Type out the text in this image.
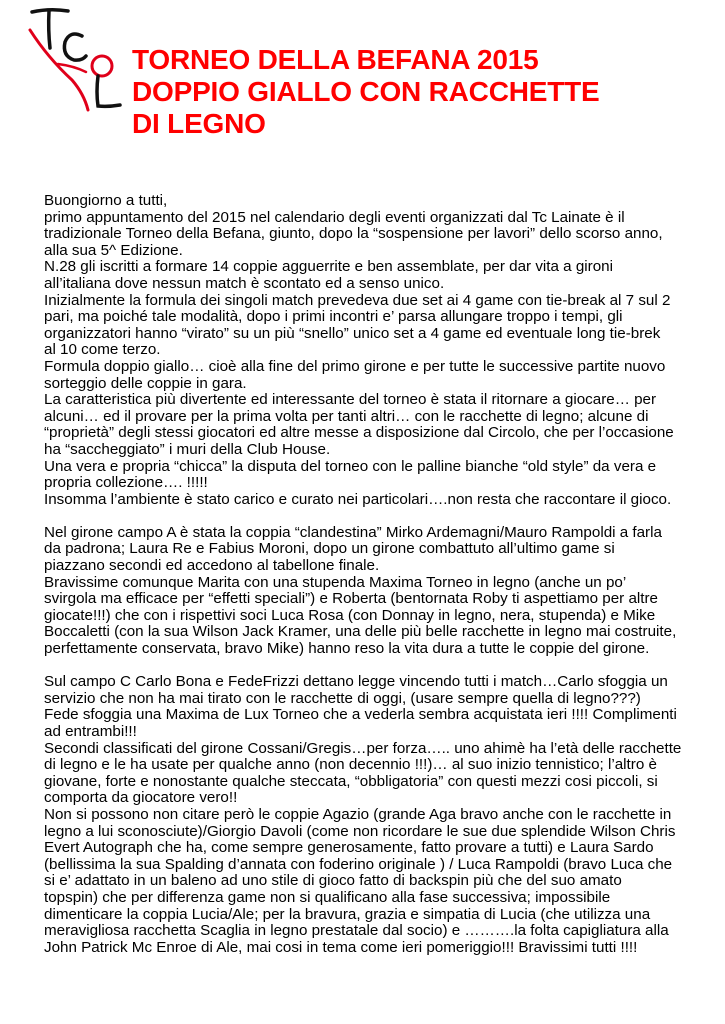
TORNEO DELLA BEFANA 2015
DOPPIO GIALLO CON RACCHETTE
DI LEGNO
Buongiorno a tutti,
primo appuntamento del 2015 nel calendario degli eventi organizzati dal Tc Lainate è il
tradizionale Torneo della Befana, giunto, dopo la “sospensione per lavori” dello scorso anno,
alla sua 5^ Edizione.
N.28 gli iscritti a formare 14 coppie agguerrite e ben assemblate, per dar vita a gironi
all’italiana dove nessun match è scontato ed a senso unico.
Inizialmente la formula dei singoli match prevedeva due set ai 4 game con tie-break al 7 sul 2
pari, ma poiché tale modalità, dopo i primi incontri e’ parsa allungare troppo i tempi, gli
organizzatori hanno “virato” su un più “snello” unico set a 4 game ed eventuale long tie-brek
al 10 come terzo.
Formula doppio giallo… cioè alla fine del primo girone e per tutte le successive partite nuovo
sorteggio delle coppie in gara.
La caratteristica più divertente ed interessante del torneo è stata il ritornare a giocare… per
alcuni… ed il provare per la prima volta per tanti altri… con le racchette di legno; alcune di
“proprietà” degli stessi giocatori ed altre messe a disposizione dal Circolo, che per l’occasione
ha “saccheggiato” i muri della Club House.
Una vera e propria “chicca” la disputa del torneo con le palline bianche “old style” da vera e
propria collezione…. !!!!!
Insomma l’ambiente è stato carico e curato nei particolari….non resta che raccontare il gioco.
Nel girone campo A è stata la coppia “clandestina” Mirko Ardemagni/Mauro Rampoldi a farla
da padrona; Laura Re e Fabius Moroni, dopo un girone combattuto all’ultimo game si
piazzano secondi ed accedono al tabellone finale.
Bravissime comunque Marita con una stupenda Maxima Torneo in legno (anche un po’
svirgola ma efficace per “effetti speciali”) e Roberta (bentornata Roby ti aspettiamo per altre
giocate!!!) che con i rispettivi soci Luca Rosa (con Donnay in legno, nera, stupenda) e Mike
Boccaletti (con la sua Wilson Jack Kramer, una delle più belle racchette in legno mai costruite,
perfettamente conservata, bravo Mike) hanno reso la vita dura a tutte le coppie del girone.
Sul campo C Carlo Bona e FedeFrizzi dettano legge vincendo tutti i match…Carlo sfoggia un
servizio che non ha mai tirato con le racchette di oggi, (usare sempre quella di legno???)
Fede sfoggia una Maxima de Lux Torneo che a vederla sembra acquistata ieri !!!! Complimenti
ad entrambi!!!
Secondi classificati del girone Cossani/Gregis…per forza….. uno ahimè ha l’età delle racchette
di legno e le ha usate per qualche anno (non decennio !!!)… al suo inizio tennistico; l’altro è
giovane, forte e nonostante qualche steccata, “obbligatoria” con questi mezzi cosi piccoli, si
comporta da giocatore vero!!
Non si possono non citare però le coppie Agazio (grande Aga bravo anche con le racchette in
legno a lui sconosciute)/Giorgio Davoli (come non ricordare le sue due splendide Wilson Chris
Evert Autograph che ha, come sempre generosamente, fatto provare a tutti) e Laura Sardo
(bellissima la sua Spalding d’annata con foderino originale ) / Luca Rampoldi (bravo Luca che
si e’ adattato in un baleno ad uno stile di gioco fatto di backspin più che del suo amato
topspin) che per differenza game non si qualificano alla fase successiva; impossibile
dimenticare la coppia Lucia/Ale; per la bravura, grazia e simpatia di Lucia (che utilizza una
meravigliosa racchetta Scaglia in legno prestatale dal socio) e ……….la folta capigliatura alla
John Patrick Mc Enroe di Ale, mai cosi in tema come ieri pomeriggio!!! Bravissimi tutti !!!!
